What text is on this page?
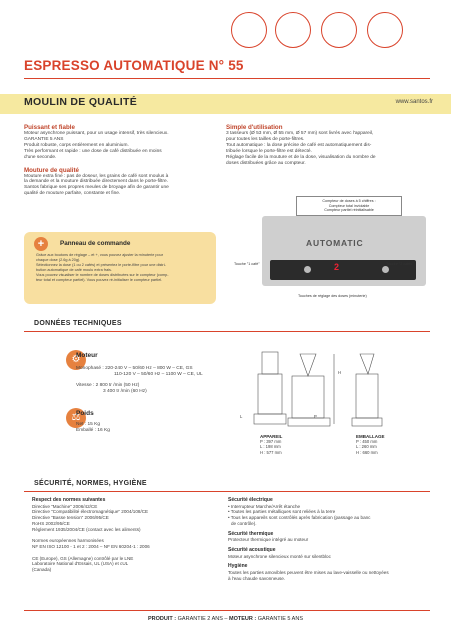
ESPRESSO AUTOMATIQUE N° 55
MOULIN DE QUALITÉ	www.santos.fr
Puissant et fiable

Moteur asynchrone puissant, pour un usage intensif, très silencieux.

GARANTIE 5 ANS

Produit robuste, corps entièrement en aluminium.

Très performant et rapide : une dose de café distribuée en moins

d'une seconde.

Mouture de qualité

Mouture extra fine : pas de doseur, les grains de café sont moulus à

la demande et la mouture distribuée directement dans le porte-filtre.

Santos fabrique ses propres meules de broyage afin de garantir une

qualité de mouture parfaite, constante et fine.

Simple d'utilisation

3 tasseurs (Ø 53 mm, Ø 55 mm, Ø 57 mm) sont livrés avec l'appareil,

pour toutes les tailles de porte-filtres.

Tout automatique : la dose précise de café est automatiquement dis-

tribuée lorsque le porte-filtre est détecté.

Réglage facile de la mouture et de la dose, visualisation du nombre de

doses distribuées grâce au compteur.

+	Panneau de commande
Grâce aux boutons de réglage – et +, vous pouvez ajuster la minuterie pour
chaque dose (2.6g à 20g).
Sélectionnez la dose (1 ou 2 cafés) et présentez le porte-filtre pour une distri-
bution automatique de café moulu extra frais.
Vous pouvez visualiser le nombre de doses distribuées sur le compteur (comp-
teur total et compteur partiel). Vous pouvez ré-initialiser le compteur partiel.
Compteur de doses à 5 chiffres :
Compteur total inviolable
Compteur partiel réinitialisable
AUTOMATIC
2
Touche "1 café"	Touche "2 cafés"
Touches de réglage des doses (minuterie)
DONNÉES TECHNIQUES
⚙
Moteur
Monophasé : 220-240 V – 50/60 Hz – 800 W – CE, GS
110-120 V – 50/60 Hz – 1100 W – CE, UL
Vitesse : 2 800 tr /min (50 Hz)
3 400 tr /min (60 Hz)
⚖
Poids
Net : 15 Kg
Emballé : 16 Kg
L	P
H
APPAREIL
P : 397 mm
L : 198 mm
H : 577 mm
EMBALLAGE
P : 450 mm
L : 260 mm
H : 660 mm
SÉCURITÉ, NORMES, HYGIÈNE
Respect des normes suivantes
Directive "Machine" 2006/42/CE
Directive "Compatibilité électromagnétique" 2004/108/CE
Directive "Basse tension" 2006/95/CE
RoHS 2002/95/CE
Règlement 1935/2004/CE (contact avec les aliments)
Normes européennes harmonisées
NF EN ISO 12100 - 1 et 2 : 2004 – NF EN 60204-1 : 2006
CE (Europe), GS (Allemagne) contrôlé par le LNE
Laboratoire National d'Essais, UL (USA) et cUL
(Canada)
Sécurité électrique
• Interrupteur Marche/Arrêt étanche
• Toutes les parties métalliques sont reliées à la terre
• Tous les appareils sont contrôlés après fabrication (passage au banc
de contrôle).
Sécurité thermique
Protecteur thermique intégré au moteur
Sécurité acoustique
Moteur asynchrone silencieux monté sur silentbloc
Hygiène
Toutes les parties amovibles peuvent être mises au lave-vaisselle ou nettoyées
à l'eau chaude savonneuse.
PRODUIT : GARANTIE 2 ANS – MOTEUR : GARANTIE 5 ANS
